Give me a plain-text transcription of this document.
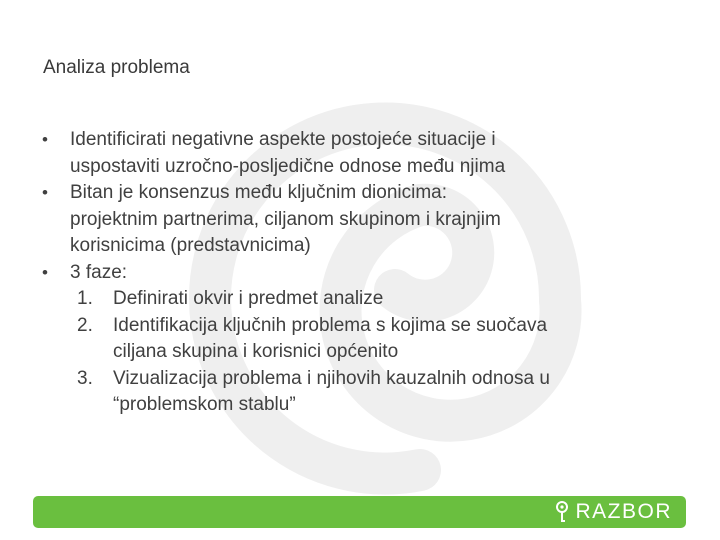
Analiza problema
• Identificirati negativne aspekte postojeće situacije i
uspostaviti uzročno-posljedične odnose među njima
• Bitan je konsenzus među ključnim dionicima:
projektnim partnerima, ciljanom skupinom i krajnjim
korisnicima (predstavnicima)
• 3 faze:
1. Definirati okvir i predmet analize
2. Identifikacija ključnih problema s kojima se suočava
ciljana skupina i korisnici općenito
3. Vizualizacija problema i njihovih kauzalnih odnosa u
“problemskom stablu”
RAZBOR
